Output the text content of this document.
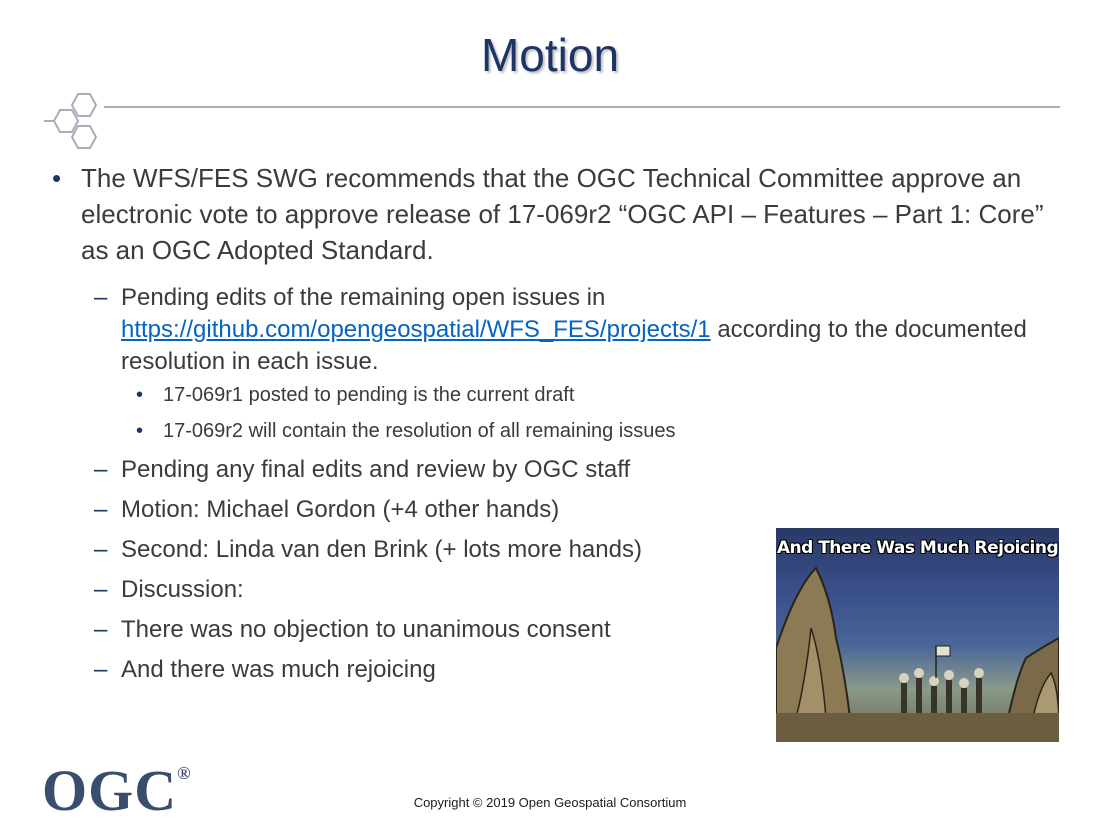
Motion
• The WFS/FES SWG recommends that the OGC Technical Committee approve an electronic vote to approve release of 17-069r2 “OGC API – Features – Part 1: Core” as an OGC Adopted Standard.
– Pending edits of the remaining open issues in https://github.com/opengeospatial/WFS_FES/projects/1 according to the documented resolution in each issue.
• 17-069r1 posted to pending is the current draft
• 17-069r2 will contain the resolution of all remaining issues
– Pending any final edits and review by OGC staff
– Motion: Michael Gordon (+4 other hands)
– Second: Linda van den Brink (+ lots more hands)
– Discussion:
– There was no objection to unanimous consent
– And there was much rejoicing
And There Was Much Rejoicing
OGC®
Copyright © 2019 Open Geospatial Consortium
